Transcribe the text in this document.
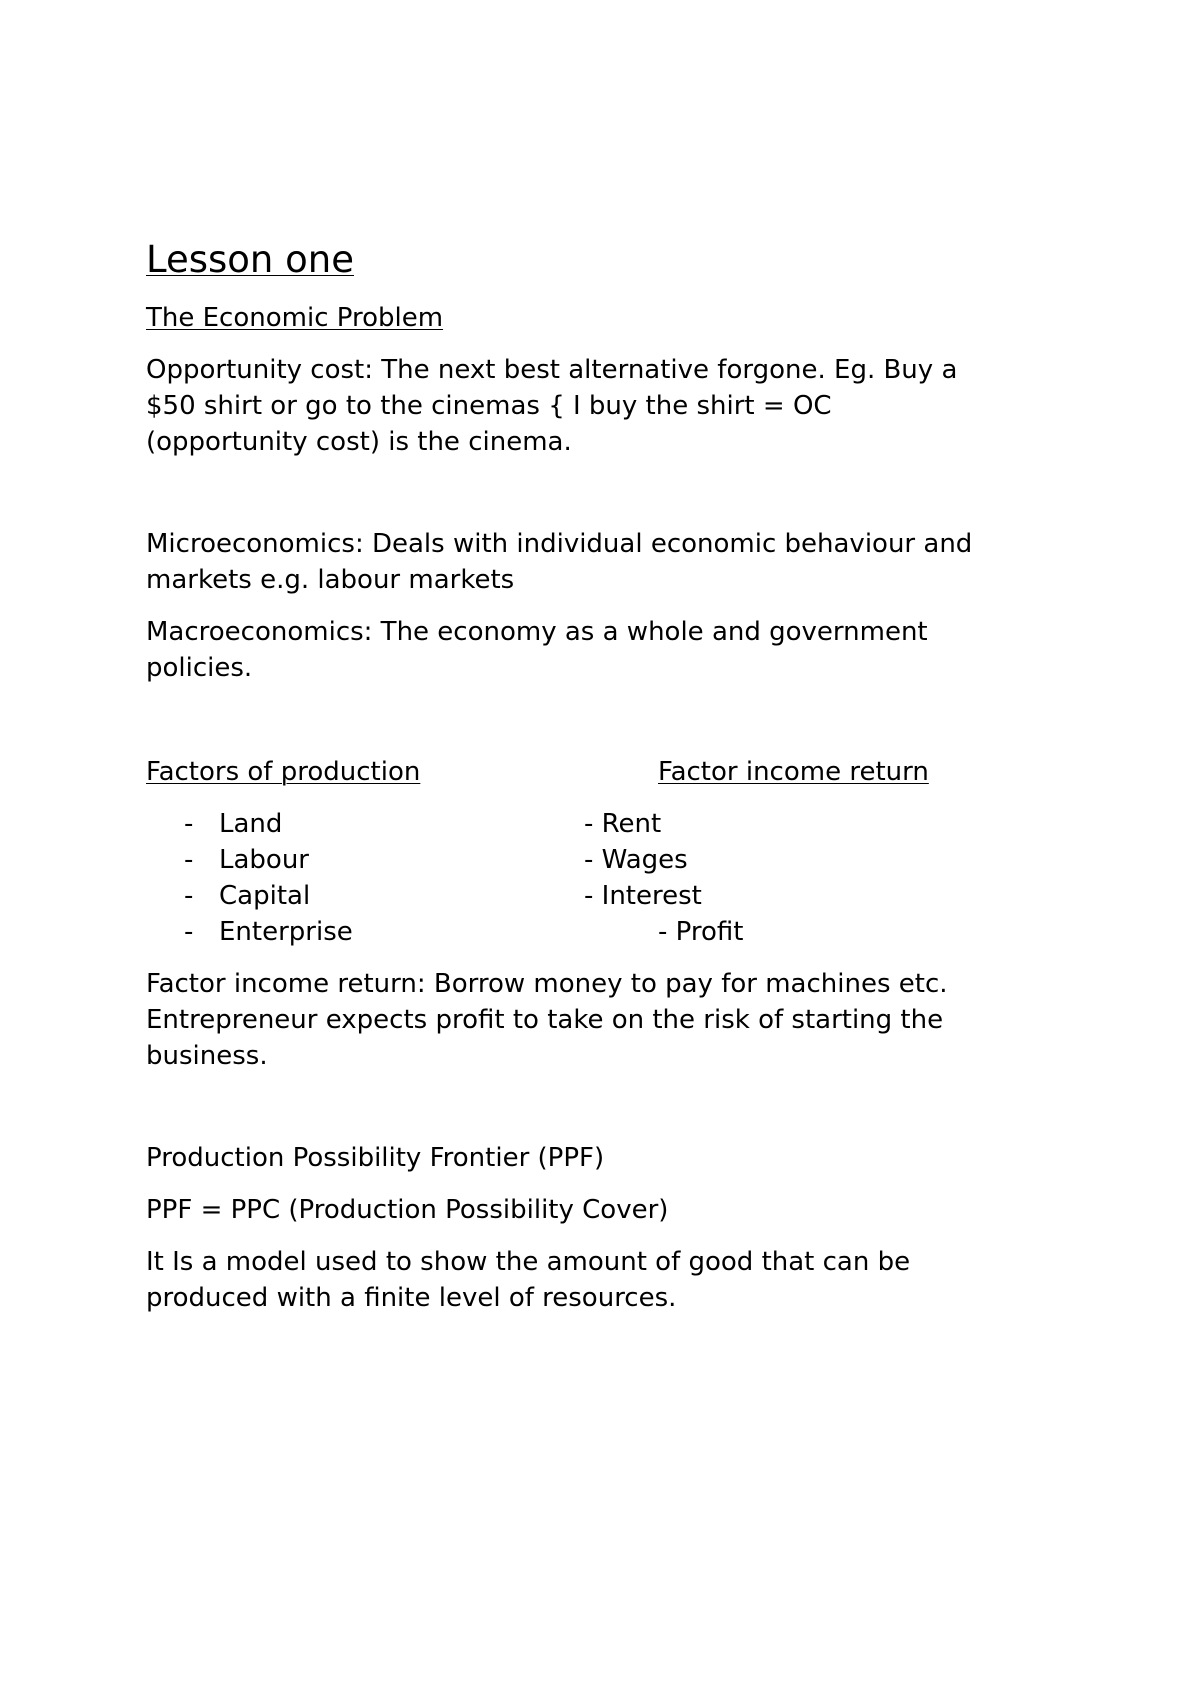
Lesson one
The Economic Problem
Opportunity cost: The next best alternative forgone. Eg. Buy a
$50 shirt or go to the cinemas { I buy the shirt = OC
(opportunity cost) is the cinema.
Microeconomics: Deals with individual economic behaviour and
markets e.g. labour markets
Macroeconomics: The economy as a whole and government
policies.
Factors of production	Factor income return
- Land
- Labour
- Capital
- Enterprise
- Rent
- Wages
- Interest
- Profit
Factor income return: Borrow money to pay for machines etc.
Entrepreneur expects profit to take on the risk of starting the
business.
Production Possibility Frontier (PPF)
PPF = PPC (Production Possibility Cover)
It Is a model used to show the amount of good that can be
produced with a finite level of resources.
